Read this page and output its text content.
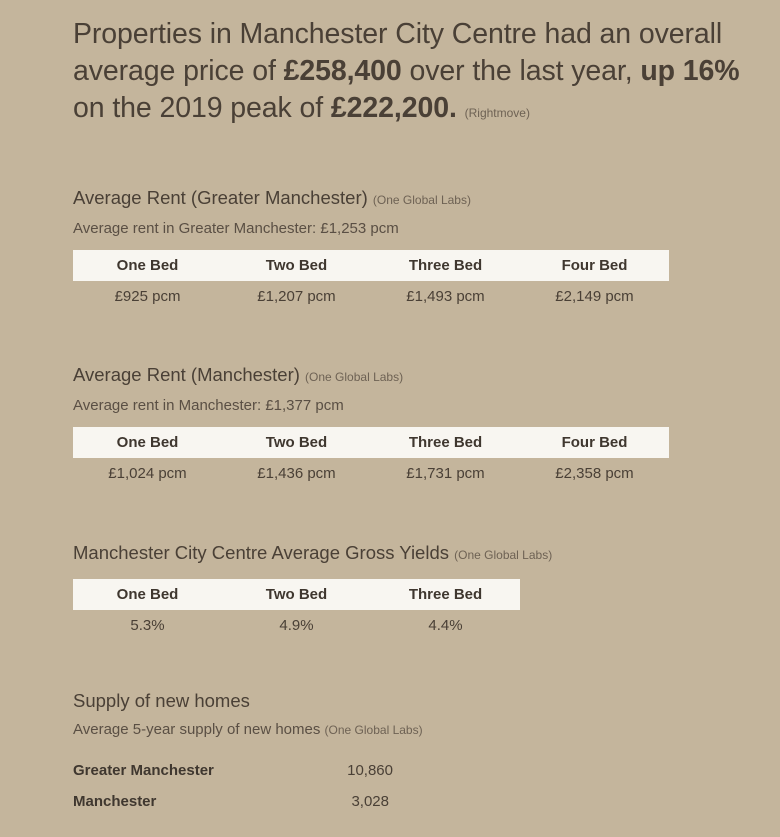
Properties in Manchester City Centre had an overall average price of £258,400 over the last year, up 16% on the 2019 peak of £222,200. (Rightmove)

Average Rent (Greater Manchester) (One Global Labs)
Average rent in Greater Manchester: £1,253 pcm
One Bed	Two Bed	Three Bed	Four Bed
£925 pcm	£1,207 pcm	£1,493 pcm	£2,149 pcm
Average Rent (Manchester) (One Global Labs)
Average rent in Manchester: £1,377 pcm
One Bed	Two Bed	Three Bed	Four Bed
£1,024 pcm	£1,436 pcm	£1,731 pcm	£2,358 pcm
Manchester City Centre Average Gross Yields (One Global Labs)
One Bed	Two Bed	Three Bed
5.3%	4.9%	4.4%
Supply of new homes
Average 5-year supply of new homes (One Global Labs)
Greater Manchester	10,860
Manchester	3,028
